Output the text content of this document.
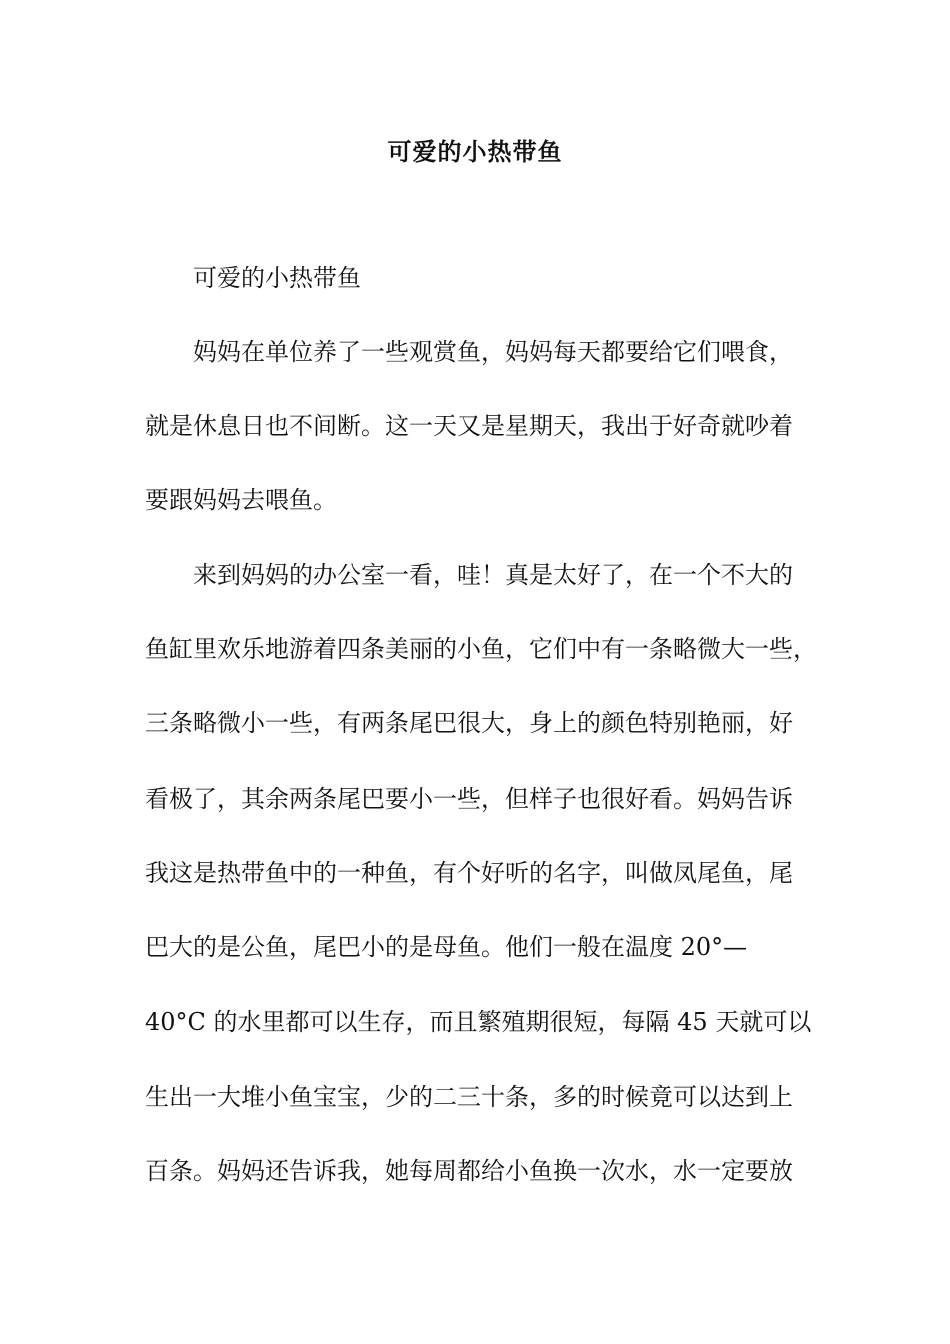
可爱的小热带鱼
可爱的小热带鱼
妈妈在单位养了一些观赏鱼，妈妈每天都要给它们喂食，
就是休息日也不间断。这一天又是星期天，我出于好奇就吵着
要跟妈妈去喂鱼。
来到妈妈的办公室一看，哇！真是太好了，在一个不大的
鱼缸里欢乐地游着四条美丽的小鱼，它们中有一条略微大一些，
三条略微小一些，有两条尾巴很大，身上的颜色特别艳丽，好
看极了，其余两条尾巴要小一些，但样子也很好看。妈妈告诉
我这是热带鱼中的一种鱼，有个好听的名字，叫做凤尾鱼，尾
巴大的是公鱼，尾巴小的是母鱼。他们一般在温度 20°—
40°C 的水里都可以生存，而且繁殖期很短，每隔 45 天就可以
生出一大堆小鱼宝宝，少的二三十条，多的时候竟可以达到上
百条。妈妈还告诉我，她每周都给小鱼换一次水，水一定要放
